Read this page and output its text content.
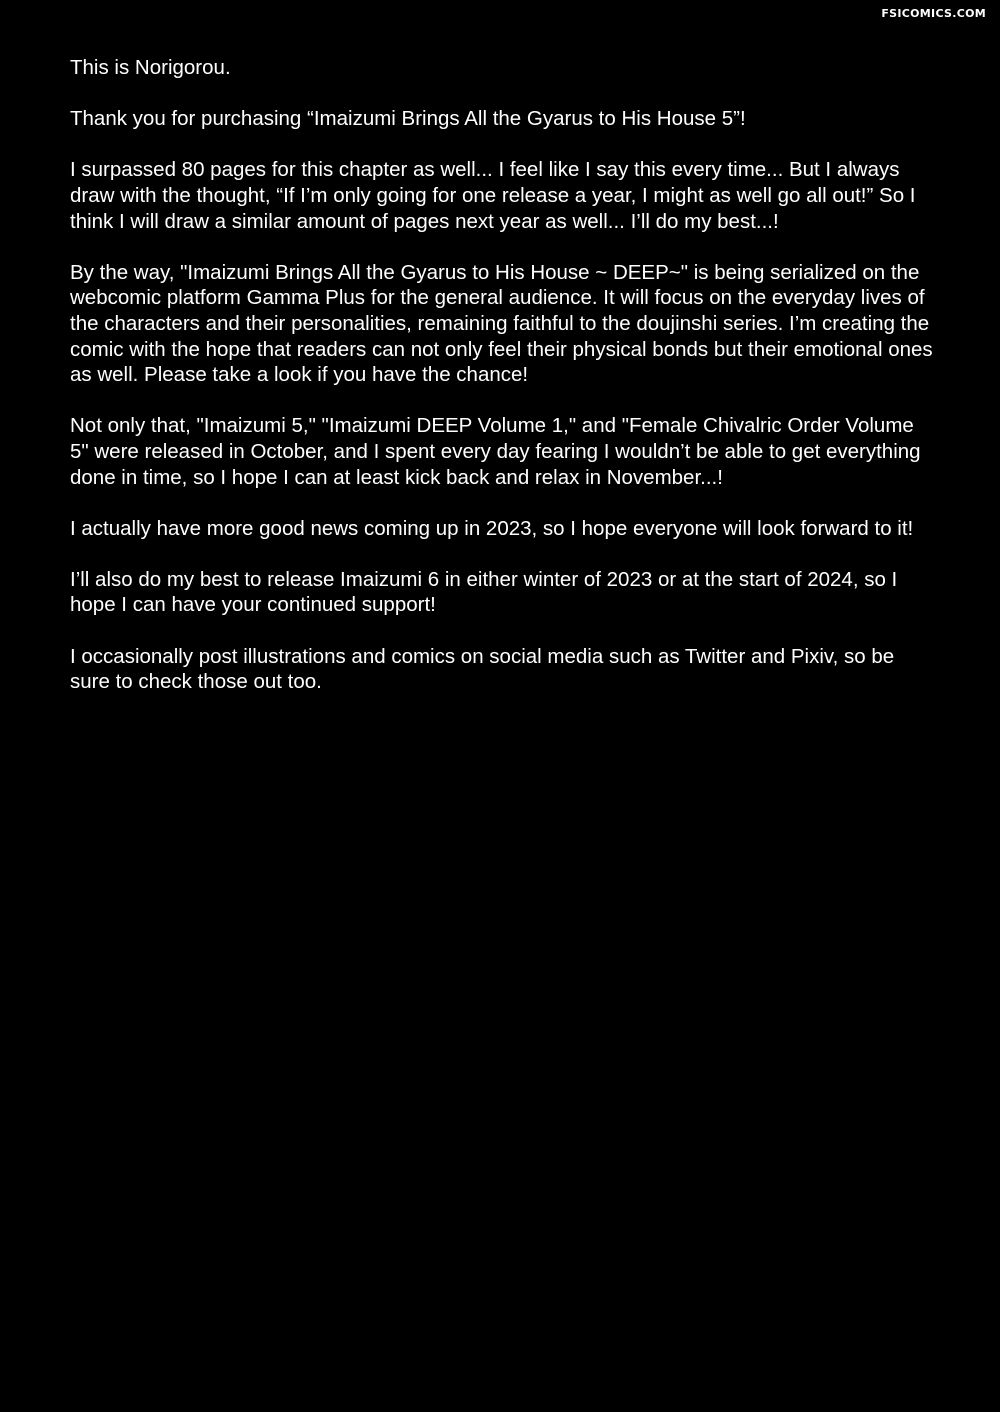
FSICOMICS.COM

This is Norigorou.

Thank you for purchasing “Imaizumi Brings All the Gyarus to His House 5”!

I surpassed 80 pages for this chapter as well... I feel like I say this every time... But I always draw with the thought, “If I’m only going for one release a year, I might as well go all out!” So I think I will draw a similar amount of pages next year as well... I’ll do my best...!

By the way, "Imaizumi Brings All the Gyarus to His House ~ DEEP~" is being serialized on the webcomic platform Gamma Plus for the general audience. It will focus on the everyday lives of the characters and their personalities, remaining faithful to the doujinshi series. I’m creating the comic with the hope that readers can not only feel their physical bonds but their emotional ones as well. Please take a look if you have the chance!

Not only that, "Imaizumi 5," "Imaizumi DEEP Volume 1," and "Female Chivalric Order Volume 5" were released in October, and I spent every day fearing I wouldn’t be able to get everything done in time, so I hope I can at least kick back and relax in November...!

I actually have more good news coming up in 2023, so I hope everyone will look forward to it!

I’ll also do my best to release Imaizumi 6 in either winter of 2023 or at the start of 2024, so I hope I can have your continued support!

I occasionally post illustrations and comics on social media such as Twitter and Pixiv, so be sure to check those out too.
